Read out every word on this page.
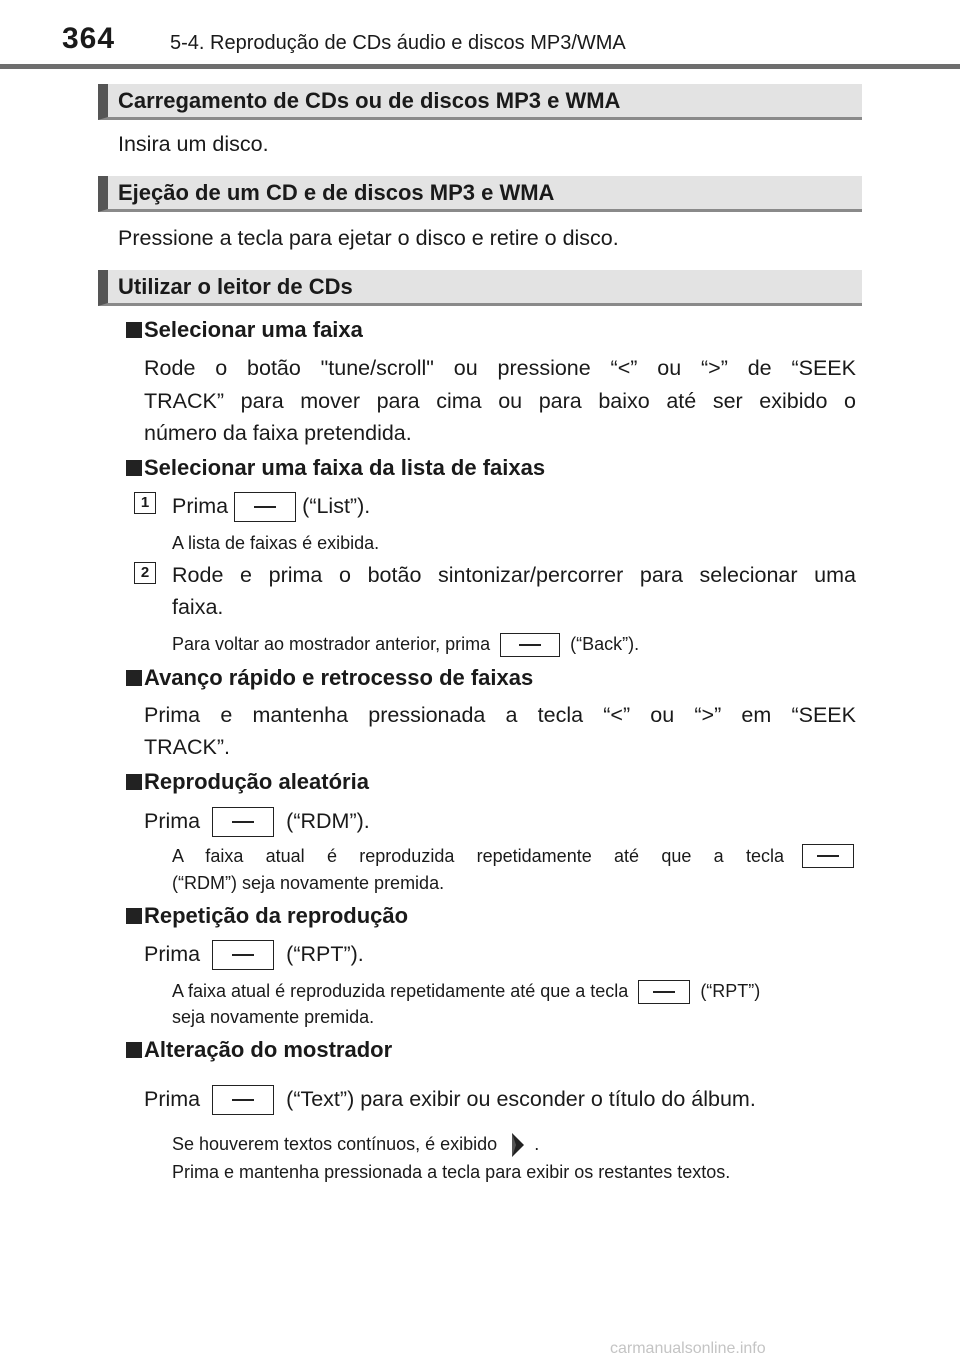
364	5-4. Reprodução de CDs áudio e discos MP3/WMA
Carregamento de CDs ou de discos MP3 e WMA
Insira um disco.
Ejeção de um CD e de discos MP3 e WMA
Pressione a tecla para ejetar o disco e retire o disco.
Utilizar o leitor de CDs
Selecionar uma faixa
Rode o botão "tune/scroll" ou pressione “<” ou “>” de “SEEK
TRACK” para mover para cima ou para baixo até ser exibido o
número da faixa pretendida.
Selecionar uma faixa da lista de faixas
1	Prima	(“List”).
A lista de faixas é exibida.
2	Rode e prima o botão sintonizar/percorrer para selecionar uma
faixa.
Para voltar ao mostrador anterior, prima	(“Back”).
Avanço rápido e retrocesso de faixas
Prima e mantenha pressionada a tecla “<” ou “>” em “SEEK
TRACK”.
Reprodução aleatória
Prima	(“RDM”).
A faixa atual é reproduzida repetidamente até que a tecla
(“RDM”) seja novamente premida.
Repetição da reprodução
Prima	(“RPT”).
A faixa atual é reproduzida repetidamente até que a tecla	(“RPT”)
seja novamente premida.
Alteração do mostrador
Prima	(“Text”) para exibir ou esconder o título do álbum.
Se houverem textos contínuos, é exibido .
Prima e mantenha pressionada a tecla para exibir os restantes textos.
carmanualsonline.info
